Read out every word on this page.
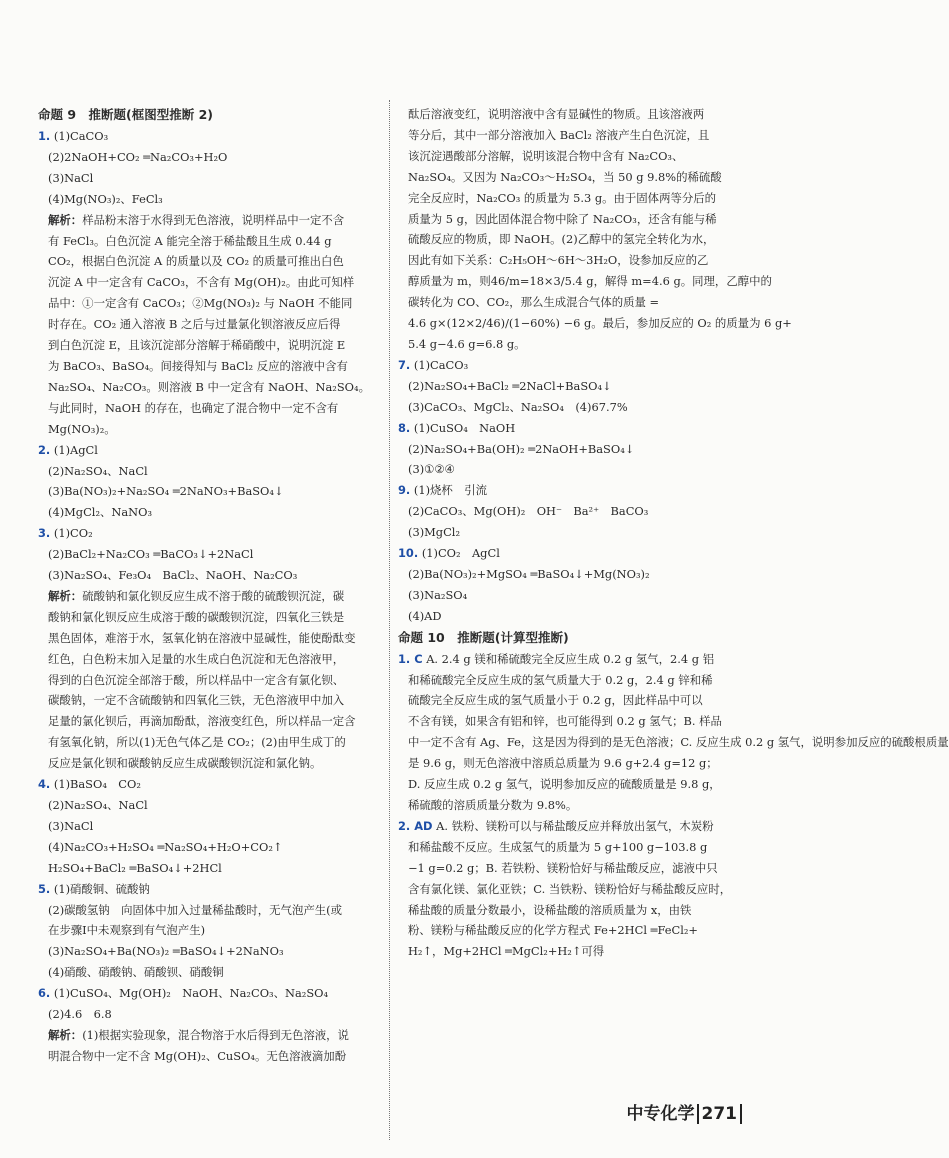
命题 9　推断题(框图型推断 2)
1. (1)CaCO₃
(2)2NaOH+CO₂ ═Na₂CO₃+H₂O
(3)NaCl
(4)Mg(NO₃)₂、FeCl₃
解析：样品粉末溶于水得到无色溶液，说明样品中一定不含
有 FeCl₃。白色沉淀 A 能完全溶于稀盐酸且生成 0.44 g
CO₂，根据白色沉淀 A 的质量以及 CO₂ 的质量可推出白色
沉淀 A 中一定含有 CaCO₃，不含有 Mg(OH)₂。由此可知样
品中：①一定含有 CaCO₃；②Mg(NO₃)₂ 与 NaOH 不能同
时存在。CO₂ 通入溶液 B 之后与过量氯化钡溶液反应后得
到白色沉淀 E，且该沉淀部分溶解于稀硝酸中，说明沉淀 E
为 BaCO₃、BaSO₄。间接得知与 BaCl₂ 反应的溶液中含有
Na₂SO₄、Na₂CO₃。则溶液 B 中一定含有 NaOH、Na₂SO₄。
与此同时，NaOH 的存在，也确定了混合物中一定不含有
Mg(NO₃)₂。
2. (1)AgCl
(2)Na₂SO₄、NaCl
(3)Ba(NO₃)₂+Na₂SO₄ ═2NaNO₃+BaSO₄↓
(4)MgCl₂、NaNO₃
3. (1)CO₂
(2)BaCl₂+Na₂CO₃ ═BaCO₃↓+2NaCl
(3)Na₂SO₄、Fe₃O₄　BaCl₂、NaOH、Na₂CO₃
解析：硫酸钠和氯化钡反应生成不溶于酸的硫酸钡沉淀，碳
酸钠和氯化钡反应生成溶于酸的碳酸钡沉淀，四氧化三铁是
黑色固体，难溶于水，氢氧化钠在溶液中显碱性，能使酚酞变
红色，白色粉末加入足量的水生成白色沉淀和无色溶液甲，
得到的白色沉淀全部溶于酸，所以样品中一定含有氯化钡、
碳酸钠，一定不含硫酸钠和四氧化三铁，无色溶液甲中加入
足量的氯化钡后，再滴加酚酞，溶液变红色，所以样品一定含
有氢氧化钠，所以(1)无色气体乙是 CO₂；(2)由甲生成丁的
反应是氯化钡和碳酸钠反应生成碳酸钡沉淀和氯化钠。
4. (1)BaSO₄　CO₂
(2)Na₂SO₄、NaCl
(3)NaCl
(4)Na₂CO₃+H₂SO₄ ═Na₂SO₄+H₂O+CO₂↑
H₂SO₄+BaCl₂ ═BaSO₄↓+2HCl
5. (1)硝酸铜、硫酸钠
(2)碳酸氢钠　向固体中加入过量稀盐酸时，无气泡产生(或
在步骤Ⅰ中未观察到有气泡产生)
(3)Na₂SO₄+Ba(NO₃)₂ ═BaSO₄↓+2NaNO₃
(4)硝酸、硝酸钠、硝酸钡、硝酸铜
6. (1)CuSO₄、Mg(OH)₂　NaOH、Na₂CO₃、Na₂SO₄
(2)4.6　6.8
解析：(1)根据实验现象，混合物溶于水后得到无色溶液，说
明混合物中一定不含 Mg(OH)₂、CuSO₄。无色溶液滴加酚
酞后溶液变红，说明溶液中含有显碱性的物质。且该溶液两
等分后，其中一部分溶液加入 BaCl₂ 溶液产生白色沉淀，且
该沉淀遇酸部分溶解，说明该混合物中含有 Na₂CO₃、
Na₂SO₄。又因为 Na₂CO₃～H₂SO₄，当 50 g 9.8%的稀硫酸
完全反应时，Na₂CO₃ 的质量为 5.3 g。由于固体两等分后的
质量为 5 g，因此固体混合物中除了 Na₂CO₃，还含有能与稀
硫酸反应的物质，即 NaOH。(2)乙醇中的氢完全转化为水，
因此有如下关系：C₂H₅OH～6H～3H₂O，设参加反应的乙
醇质量为 m，则46/m=18×3/5.4 g，解得 m=4.6 g。同理，乙醇中的
碳转化为 CO、CO₂，那么生成混合气体的质量 =
4.6 g×(12×2/46)/(1−60%) −6 g。最后，参加反应的 O₂ 的质量为 6 g+
5.4 g−4.6 g=6.8 g。
7. (1)CaCO₃
(2)Na₂SO₄+BaCl₂ ═2NaCl+BaSO₄↓
(3)CaCO₃、MgCl₂、Na₂SO₄　(4)67.7%
8. (1)CuSO₄　NaOH
(2)Na₂SO₄+Ba(OH)₂ ═2NaOH+BaSO₄↓
(3)①②④
9. (1)烧杯　引流
(2)CaCO₃、Mg(OH)₂　OH⁻　Ba²⁺　BaCO₃
(3)MgCl₂
10. (1)CO₂　AgCl
(2)Ba(NO₃)₂+MgSO₄ ═BaSO₄↓+Mg(NO₃)₂
(3)Na₂SO₄
(4)AD
命题 10　推断题(计算型推断)
1. C A. 2.4 g 镁和稀硫酸完全反应生成 0.2 g 氢气，2.4 g 铝
和稀硫酸完全反应生成的氢气质量大于 0.2 g，2.4 g 锌和稀
硫酸完全反应生成的氢气质量小于 0.2 g，因此样品中可以
不含有镁，如果含有铝和锌，也可能得到 0.2 g 氢气；B. 样品
中一定不含有 Ag、Fe，这是因为得到的是无色溶液；C. 反应生成 0.2 g 氢气，说明参加反应的硫酸根质量
是 9.6 g，则无色溶液中溶质总质量为 9.6 g+2.4 g=12 g；
D. 反应生成 0.2 g 氢气，说明参加反应的硫酸质量是 9.8 g，
稀硫酸的溶质质量分数为 9.8%。
2. AD A. 铁粉、镁粉可以与稀盐酸反应并释放出氢气，木炭粉
和稀盐酸不反应。生成氢气的质量为 5 g+100 g−103.8 g
−1 g=0.2 g；B. 若铁粉、镁粉恰好与稀盐酸反应，滤液中只
含有氯化镁、氯化亚铁；C. 当铁粉、镁粉恰好与稀盐酸反应时，
稀盐酸的质量分数最小，设稀盐酸的溶质质量为 x，由铁
粉、镁粉与稀盐酸反应的化学方程式 Fe+2HCl ═FeCl₂+
H₂↑，Mg+2HCl ═MgCl₂+H₂↑可得
中专化学 271
